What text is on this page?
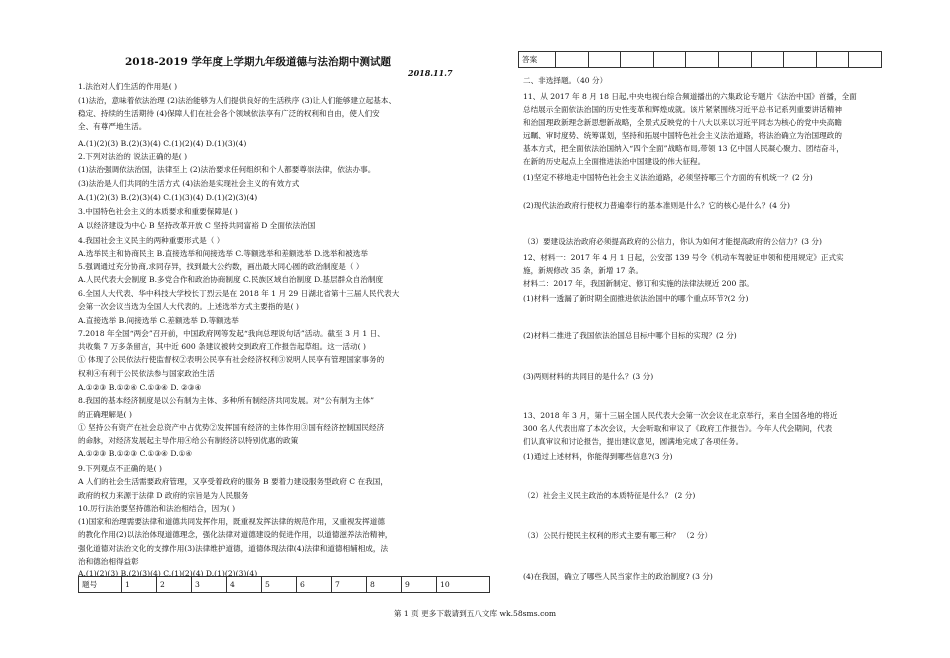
2018-2019 学年度上学期九年级道德与法治期中测试题
2018.11.7
1.法治对人们生活的作用是( )
(1)法治，意味着依法治理 (2)法治能够为人们提供良好的生活秩序 (3)让人们能够建立起基本、
稳定、持续的生活期待 (4)保障人们在社会各个领域依法享有广泛的权利和自由，使人们安
全、有尊严地生活。
A.(1)(2)(3) B.(2)(3)(4) C.(1)(2)(4) D.(1)(3)(4)
2.下列对法治的 说法正确的是( )
(1)法治强调依法治国，法律至上 (2)法治要求任何组织和个人都要尊崇法律，依法办事。
(3)法治是人们共同的生活方式 (4)法治是实现社会主义的有效方式
A.(1)(2)(3) B.(2)(3)(4) C.(1)(3)(4) D.(1)(2)(3)(4)
3.中国特色社会主义的本质要求和重要保障是( )
A 以经济建设为中心 B 坚持改革开放 C 坚持共同富裕 D 全面依法治国
4.我国社会主义民主的两种重要形式是（ ）
A.选举民主和协商民主 B.直接选举和间接选举 C.等额选举和差额选举 D.选举和被选举
5.强调通过充分协商,求同存异，找到最大公约数，画出最大同心圆的政治制度是（ ）
A.人民代表大会制度 B.多党合作和政治协商制度 C.民族区域自治制度 D.基层群众自治制度
6.全国人大代表、华中科技大学校长丁烈云是在 2018 年 1 月 29 日湖北省第十三届人民代表大
会第一次会议当选为全国人大代表的。上述选举方式主要指的是( )
A.直接选举 B.间接选举 C.差额选举 D.等额选举
7.2018 年全国“两会”召开前，中国政府网等发起“我向总理说句话”活动。截至 3 月 1 日、
共收集 7 万多条留言，其中近 600 条建议被转交到政府工作报告起草组。这一活动( )
① 体现了公民依法行使监督权②表明公民享有社会经济权利③说明人民享有管理国家事务的
权利④有利于公民依法参与国家政治生活
A.①②③ B.①②④ C.①③④ D. ②③④
8.我国的基本经济制度是以公有制为主体、多种所有制经济共同发展。对“公有制为主体”
的正确理解是( )
① 坚持公有资产在社会总资产中占优势②发挥国有经济的主体作用③国有经济控制国民经济
的命脉，对经济发展起主导作用④给公有制经济以特别优惠的政策
A.①②③ B.①②③ C.①③④ D.①④
9.下列观点不正确的是( )
A 人们的社会生活需要政府管理，又享受着政府的服务 B 要着力建设服务型政府 C 在我国，
政府的权力来源于法律 D 政府的宗旨是为人民服务
10.厉行法治要坚持德治和法治相结合，因为( )
(1)国家和治理需要法律和道德共同发挥作用，既重视发挥法律的规范作用，又重视发挥道德
的教化作用(2)以法治体现道德理念，强化法律对道德建设的促进作用，以道德滋养法治精神，
强化道德对法治文化的支撑作用(3)法律维护道德，道德体现法律(4)法律和道德相辅相成，法
治和德治相得益彰
A.(1)(2)(3) B.(2)(3)(4) C.(1)(2)(4) D.(1)(2)(3)(4)
题号	1	2	3	4	5	6	7	8	9	10
答案										
二、非选择题。（40 分）
11、从 2017 年 8 月 18 日起,中央电视台综合频道播出的六集政论专题片《法治中国》首播，全面
总结展示全面依法治国的历史性变革和辉煌成就。该片紧紧围绕习近平总书记系列重要讲话精神
和治国理政新理念新思想新战略，全景式反映党的十八大以来以习近平同志为核心的党中央高瞻
远瞩、审时度势、统筹谋划，坚持和拓展中国特色社会主义法治道路，将法治确立为治国理政的
基本方式，把全面依法治国纳入“四个全面”战略布局,带领 13 亿中国人民凝心聚力、团结奋斗，
在新的历史起点上全面推进法治中国建设的伟大征程。
(1)坚定不移地走中国特色社会主义法治道路，必须坚持哪三个方面的有机统一？(2 分)
(2)现代法治政府行使权力普遍奉行的基本准则是什么？它的核心是什么？(4 分)
（3）要建设法治政府必须提高政府的公信力，你认为如何才能提高政府的公信力？(3 分)
12、材料一：2017 年 4 月 1 日起，公安部 139 号令《机动车驾驶证申领和使用规定》正式实
施，新规修改 35 条，新增 17 条。
材料二：2017 年，我国新制定、修订和实施的法律法规近 200 部。
(1)材料一透漏了新时期全面推进依法治国中的哪个重点环节?(2 分)
(2)材料二推进了我国依法治国总目标中哪个目标的实现？(2 分)
(3)两则材料的共同目的是什么？(3 分)
13、2018 年 3 月，第十三届全国人民代表大会第一次会议在北京举行，来自全国各地的将近
300 名人代表出席了本次会议，大会听取和审议了《政府工作报告》。今年人代会期间，代表
们认真审议和讨论报告，提出建议意见，圆满地完成了各项任务。
(1)通过上述材料，你能得到哪些信息?(3 分)
（2）社会主义民主政治的本质特征是什么？ (2 分)
（3）公民行使民主权利的形式主要有哪三种？ （2 分）
(4)在我国，确立了哪些人民当家作主的政治制度? (3 分)
第 1 页 更多下载请到五八文库 wk.58sms.com
